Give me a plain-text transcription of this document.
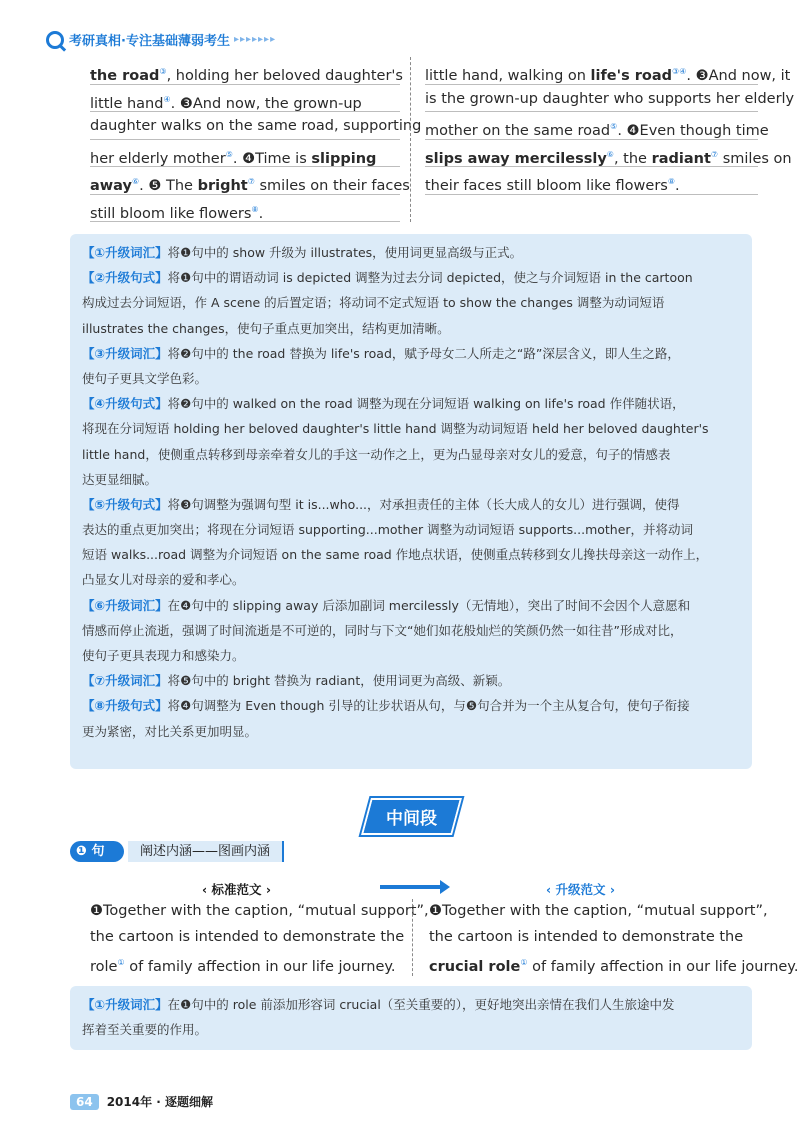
考研真相·专注基础薄弱考生 ▸▸▸▸▸▸▸
the road③, holding her beloved daughter's
little hand④. ❸And now, the grown-up
daughter walks on the same road, supporting
her elderly mother⑤. ❹Time is slipping
away⑥. ❺ The bright⑦ smiles on their faces
still bloom like flowers⑧.
little hand, walking on life's road③④. ❸And now, it
is the grown-up daughter who supports her elderly
mother on the same road⑤. ❹Even though time
slips away mercilessly⑥, the radiant⑦ smiles on
their faces still bloom like flowers⑧.
【①升级词汇】将❶句中的 show 升级为 illustrates，使用词更显高级与正式。
【②升级句式】将❶句中的谓语动词 is depicted 调整为过去分词 depicted，使之与介词短语 in the cartoon
构成过去分词短语，作 A scene 的后置定语；将动词不定式短语 to show the changes 调整为动词短语
illustrates the changes，使句子重点更加突出，结构更加清晰。
【③升级词汇】将❷句中的 the road 替换为 life's road，赋予母女二人所走之“路”深层含义，即人生之路，
使句子更具文学色彩。
【④升级句式】将❷句中的 walked on the road 调整为现在分词短语 walking on life's road 作伴随状语，
将现在分词短语 holding her beloved daughter's little hand 调整为动词短语 held her beloved daughter's
little hand，使侧重点转移到母亲牵着女儿的手这一动作之上，更为凸显母亲对女儿的爱意，句子的情感表
达更显细腻。
【⑤升级句式】将❸句调整为强调句型 it is...who...，对承担责任的主体（长大成人的女儿）进行强调，使得
表达的重点更加突出；将现在分词短语 supporting...mother 调整为动词短语 supports...mother，并将动词
短语 walks...road 调整为介词短语 on the same road 作地点状语，使侧重点转移到女儿搀扶母亲这一动作上，
凸显女儿对母亲的爱和孝心。
【⑥升级词汇】在❹句中的 slipping away 后添加副词 mercilessly（无情地），突出了时间不会因个人意愿和
情感而停止流逝，强调了时间流逝是不可逆的，同时与下文“她们如花般灿烂的笑颜仍然一如往昔”形成对比，
使句子更具表现力和感染力。
【⑦升级词汇】将❺句中的 bright 替换为 radiant，使用词更为高级、新颖。
【⑧升级句式】将❹句调整为 Even though 引导的让步状语从句，与❺句合并为一个主从复合句，使句子衔接
更为紧密，对比关系更加明显。
中间段
❶ 句	阐述内涵——图画内涵
‹ 标准范文 ›	‹ 升级范文 ›
❶Together with the caption, “mutual support”,
the cartoon is intended to demonstrate the
role① of family affection in our life journey.
❶Together with the caption, “mutual support”,
the cartoon is intended to demonstrate the
crucial role① of family affection in our life journey.
【①升级词汇】在❶句中的 role 前添加形容词 crucial（至关重要的），更好地突出亲情在我们人生旅途中发
挥着至关重要的作用。
64	2014年 · 逐题细解
